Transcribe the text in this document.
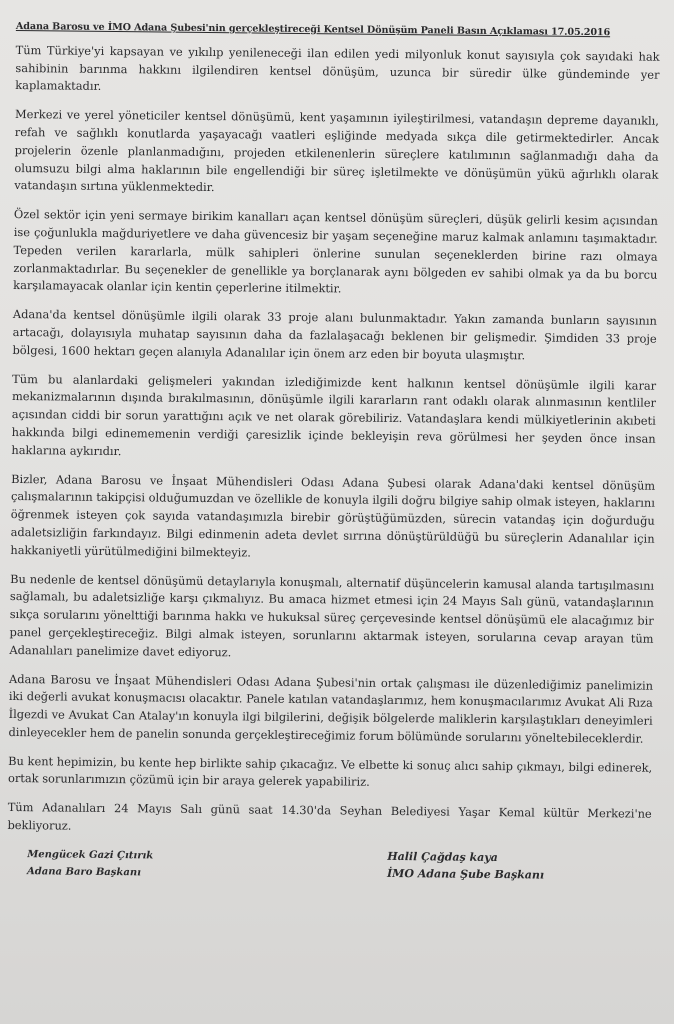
Adana Barosu ve İMO Adana Şubesi'nin gerçekleştireceği Kentsel Dönüşüm Paneli Basın Açıklaması 17.05.2016

Tüm Türkiye'yi kapsayan ve yıkılıp yenileneceği ilan edilen yedi milyonluk konut sayısıyla çok sayıdaki hak sahibinin barınma hakkını ilgilendiren kentsel dönüşüm, uzunca bir süredir ülke gündeminde yer kaplamaktadır.

Merkezi ve yerel yöneticiler kentsel dönüşümü, kent yaşamının iyileştirilmesi, vatandaşın depreme dayanıklı, refah ve sağlıklı konutlarda yaşayacağı vaatleri eşliğinde medyada sıkça dile getirmektedirler. Ancak projelerin özenle planlanmadığını, projeden etkilenenlerin süreçlere katılımının sağlanmadığı daha da olumsuzu bilgi alma haklarının bile engellendiği bir süreç işletilmekte ve dönüşümün yükü ağırlıklı olarak vatandaşın sırtına yüklenmektedir.

Özel sektör için yeni sermaye birikim kanalları açan kentsel dönüşüm süreçleri, düşük gelirli kesim açısından ise çoğunlukla mağduriyetlere ve daha güvencesiz bir yaşam seçeneğine maruz kalmak anlamını taşımaktadır. Tepeden verilen kararlarla, mülk sahipleri önlerine sunulan seçeneklerden birine razı olmaya zorlanmaktadırlar. Bu seçenekler de genellikle ya borçlanarak aynı bölgeden ev sahibi olmak ya da bu borcu karşılamayacak olanlar için kentin çeperlerine itilmektir.

Adana'da kentsel dönüşümle ilgili olarak 33 proje alanı bulunmaktadır. Yakın zamanda bunların sayısının artacağı, dolayısıyla muhatap sayısının daha da fazlalaşacağı beklenen bir gelişmedir. Şimdiden 33 proje bölgesi, 1600 hektarı geçen alanıyla Adanalılar için önem arz eden bir boyuta ulaşmıştır.

Tüm bu alanlardaki gelişmeleri yakından izlediğimizde kent halkının kentsel dönüşümle ilgili karar mekanizmalarının dışında bırakılmasının, dönüşümle ilgili kararların rant odaklı olarak alınmasının kentliler açısından ciddi bir sorun yarattığını açık ve net olarak görebiliriz. Vatandaşlara kendi mülkiyetlerinin akıbeti hakkında bilgi edinememenin verdiği çaresizlik içinde bekleyişin reva görülmesi her şeyden önce insan haklarına aykırıdır.

Bizler, Adana Barosu ve İnşaat Mühendisleri Odası Adana Şubesi olarak Adana'daki kentsel dönüşüm çalışmalarının takipçisi olduğumuzdan ve özellikle de konuyla ilgili doğru bilgiye sahip olmak isteyen, haklarını öğrenmek isteyen çok sayıda vatandaşımızla birebir görüştüğümüzden, sürecin vatandaş için doğurduğu adaletsizliğin farkındayız. Bilgi edinmenin adeta devlet sırrına dönüştürüldüğü bu süreçlerin Adanalılar için hakkaniyetli yürütülmediğini bilmekteyiz.

Bu nedenle de kentsel dönüşümü detaylarıyla konuşmalı, alternatif düşüncelerin kamusal alanda tartışılmasını sağlamalı, bu adaletsizliğe karşı çıkmalıyız. Bu amaca hizmet etmesi için 24 Mayıs Salı günü, vatandaşlarının sıkça sorularını yönelttiği barınma hakkı ve hukuksal süreç çerçevesinde kentsel dönüşümü ele alacağımız bir panel gerçekleştireceğiz. Bilgi almak isteyen, sorunlarını aktarmak isteyen, sorularına cevap arayan tüm Adanalıları panelimize davet ediyoruz.

Adana Barosu ve İnşaat Mühendisleri Odası Adana Şubesi'nin ortak çalışması ile düzenlediğimiz panelimizin iki değerli avukat konuşmacısı olacaktır. Panele katılan vatandaşlarımız, hem konuşmacılarımız Avukat Ali Rıza İlgezdi ve Avukat Can Atalay'ın konuyla ilgi bilgilerini, değişik bölgelerde maliklerin karşılaştıkları deneyimleri dinleyecekler hem de panelin sonunda gerçekleştireceğimiz forum bölümünde sorularını yöneltebileceklerdir.

Bu kent hepimizin, bu kente hep birlikte sahip çıkacağız. Ve elbette ki sonuç alıcı sahip çıkmayı, bilgi edinerek, ortak sorunlarımızın çözümü için bir araya gelerek yapabiliriz.

Tüm Adanalıları 24 Mayıs Salı günü saat 14.30'da Seyhan Belediyesi Yaşar Kemal kültür Merkezi'ne bekliyoruz.

Mengücek Gazi Çıtırık
Adana Baro Başkanı
Halil Çağdaş kaya
İMO Adana Şube Başkanı
